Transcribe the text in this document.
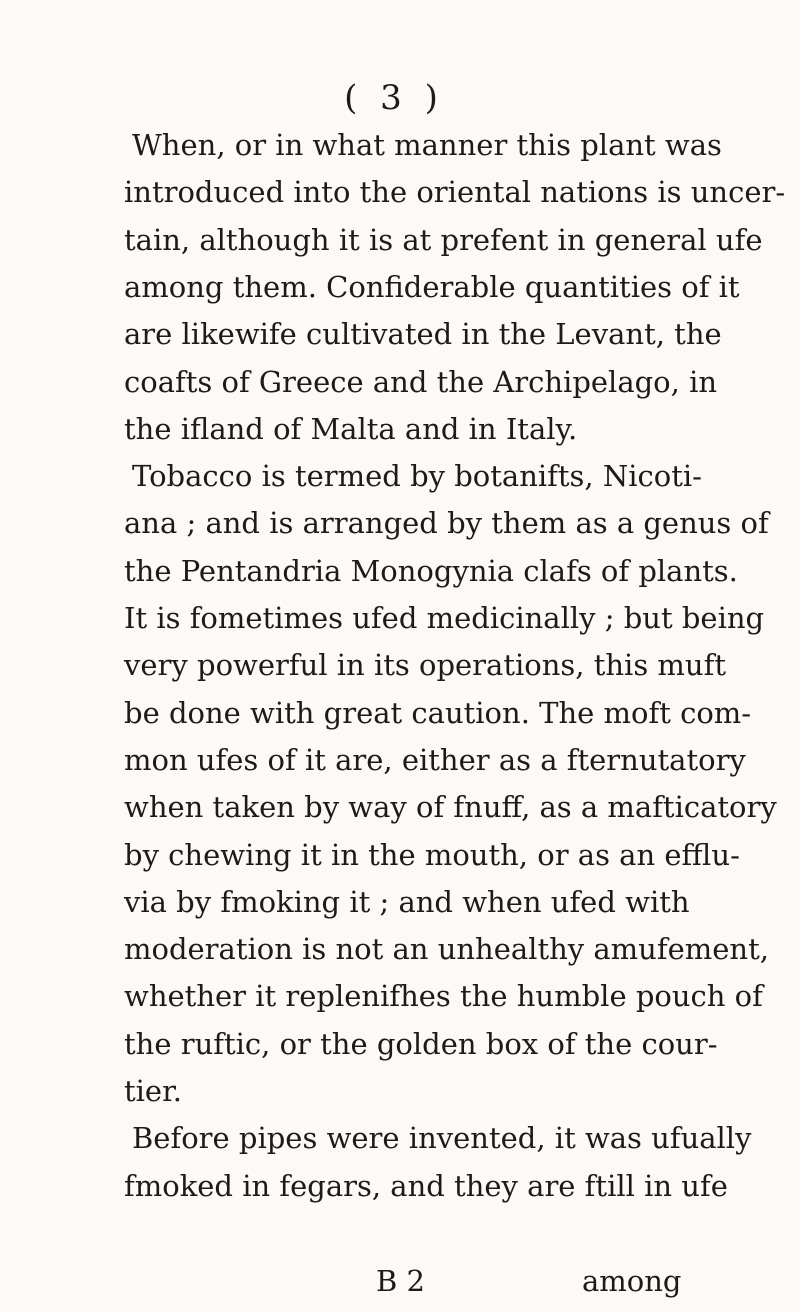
( 3 )
When, or in what manner this plant was
introduced into the oriental nations is uncer-
tain, although it is at prefent in general ufe
among them. Confiderable quantities of it
are likewife cultivated in the Levant, the
coafts of Greece and the Archipelago, in
the ifland of Malta and in Italy.
Tobacco is termed by botanifts, Nicoti-
ana ; and is arranged by them as a genus of
the Pentandria Monogynia clafs of plants.
It is fometimes ufed medicinally ; but being
very powerful in its operations, this muft
be done with great caution. The moft com-
mon ufes of it are, either as a fternutatory
when taken by way of fnuff, as a mafticatory
by chewing it in the mouth, or as an efflu-
via by fmoking it ; and when ufed with
moderation is not an unhealthy amufement,
whether it replenifhes the humble pouch of
the ruftic, or the golden box of the cour-
tier.
Before pipes were invented, it was ufually
fmoked in fegars, and they are ftill in ufe
B 2	among
